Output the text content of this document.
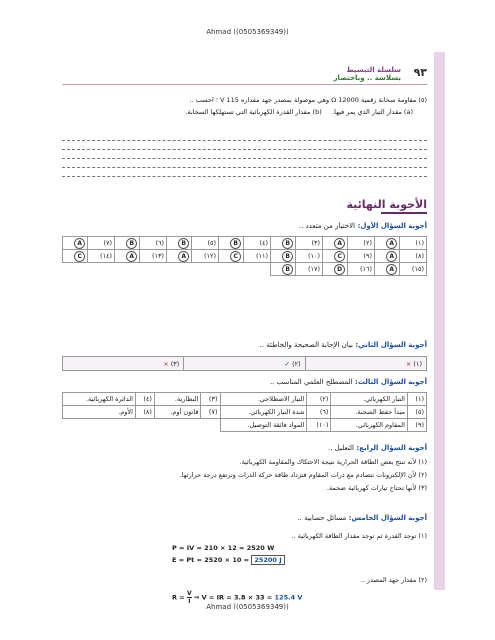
Ahmad ((0505369349))
٩٣
سلسلة التبسيط
بسلاسة .. وباختصار
(٥) مقاومة سخانة رقمية Ω 12000 وهي موصولة بمصدر جهد مقداره 115 V ؛ احسب ..
(a) مقدار التيار الذي يمر فيها.     (b) مقدار القدرة الكهربائية التي تستهلكها السخانة.
الأجوبة النهائية
أجوبة السؤال الأول: الاختيار من متعدد ..
(١)	A	(٢)	A	(٣)	B	(٤)	B	(٥)	B	(٦)	B	(٧)	A
(٨)	A	(٩)	C	(١٠)	B	(١١)	C	(١٢)	A	(١٣)	A	(١٤)	C
(١٥)	A	(١٦)	D	(١٧)	B								
أجوبة السؤال الثاني: بيان الإجابة الصحيحة والخاطئة ..
(١) ×	(٢) ✓	(٣) ×
أجوبة السؤال الثالث: المصطلح العلمي المناسب ..
(١)	التيار الكهربائي.	(٢)	التيار الاصطلاحي.	(٣)	البطارية.	(٤)	الدائرة الكهربائية.
(٥)	مبدأ حفظ الشحنة.	(٦)	شدة التيار الكهربائي.	(٧)	قانون أوم.	(٨)	الأوم.
(٩)	المقاوم الكهربائي.	(١٠)	المواد فائقة التوصيل.				
أجوبة السؤال الرابع: التعليل ..
(١) لأنه تنتج بعض الطاقة الحرارية نتيجة الاحتكاك والمقاومة الكهربائية.
(٢) لأن الإلكترونات تتصادم مع ذرات المقاوم فتزداد طاقة حركة الذرات وترتفع درجة حرارتها.
(٣) لأنها تحتاج تيارات كهربائية ضخمة.
أجوبة السؤال الخامس: مسائل حسابية ..
(١) توجد القدرة ثم توجد مقدار الطاقة الكهربائية ..
P = IV = 210 × 12 = 2520 W
E = Pt = 2520 × 10 = 25200 J
(٢) مقدار جهد المصدر ..
$R = \frac{V}{I}$ ⇒ V = IR = 3.8 × 33 = 125.4 V
Ahmad ((0505369349))
